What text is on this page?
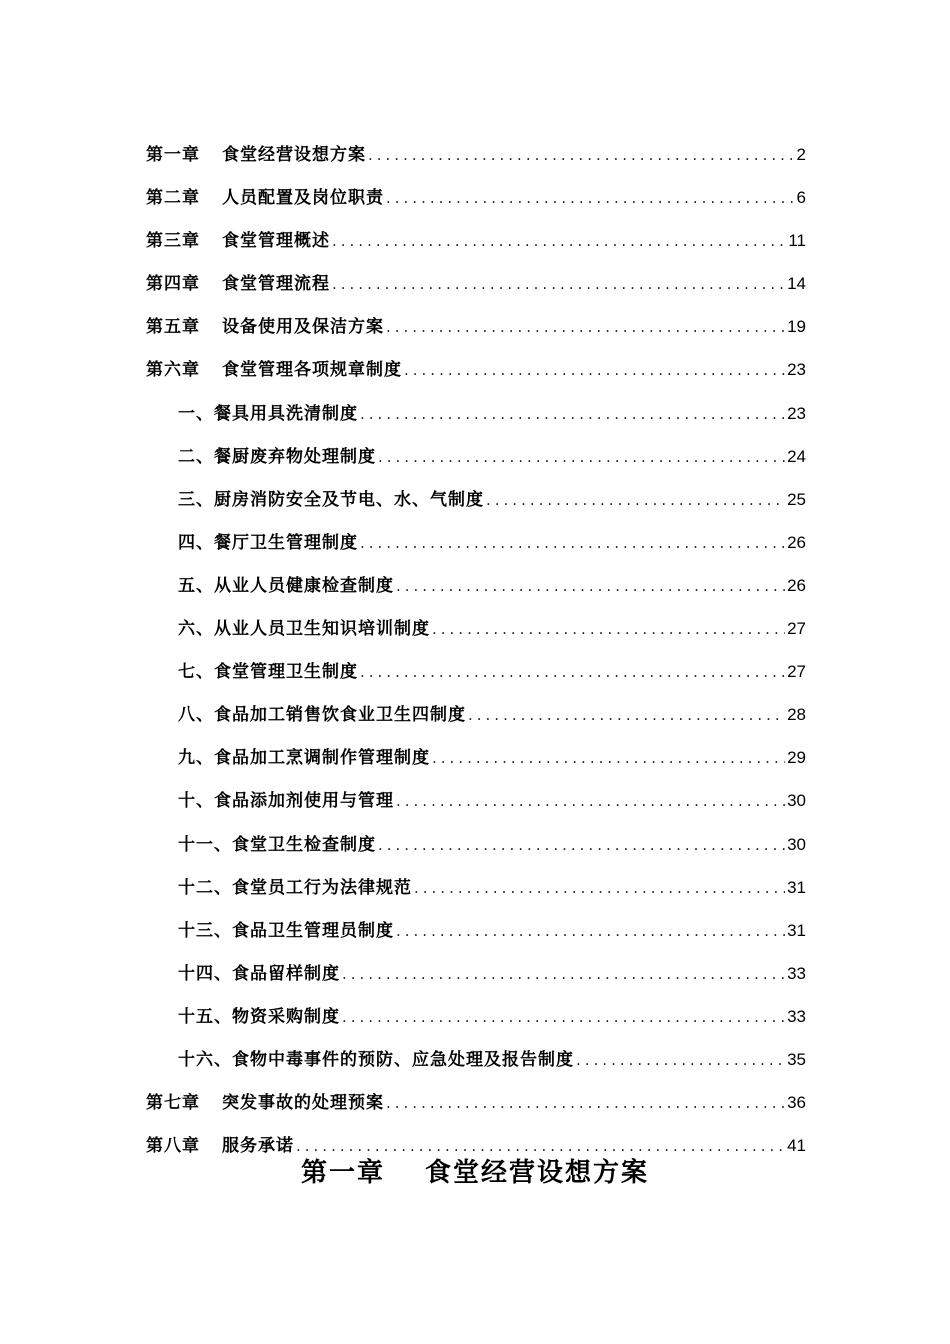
第一章	食堂经营设想方案 .....	2
第二章	人员配置及岗位职责 .....	6
第三章	食堂管理概述 .....	11
第四章	食堂管理流程 .....	14
第五章	设备使用及保洁方案 .....	19
第六章	食堂管理各项规章制度 .....	23
一、餐具用具洗清制度 .....	23
二、餐厨废弃物处理制度 .....	24
三、厨房消防安全及节电、水、气制度 .....	25
四、餐厅卫生管理制度 .....	26
五、从业人员健康检查制度 .....	26
六、从业人员卫生知识培训制度 .....	27
七、食堂管理卫生制度 .....	27
八、食品加工销售饮食业卫生四制度 .....	28
九、食品加工烹调制作管理制度 .....	29
十、食品添加剂使用与管理 .....	30
十一、食堂卫生检查制度 .....	30
十二、食堂员工行为法律规范 .....	31
十三、食品卫生管理员制度 .....	31
十四、食品留样制度 .....	33
十五、物资采购制度 .....	33
十六、食物中毒事件的预防、应急处理及报告制度 .....	35
第七章	突发事故的处理预案 .....	36
第八章	服务承诺 .....	41
第一章 食堂经营设想方案
